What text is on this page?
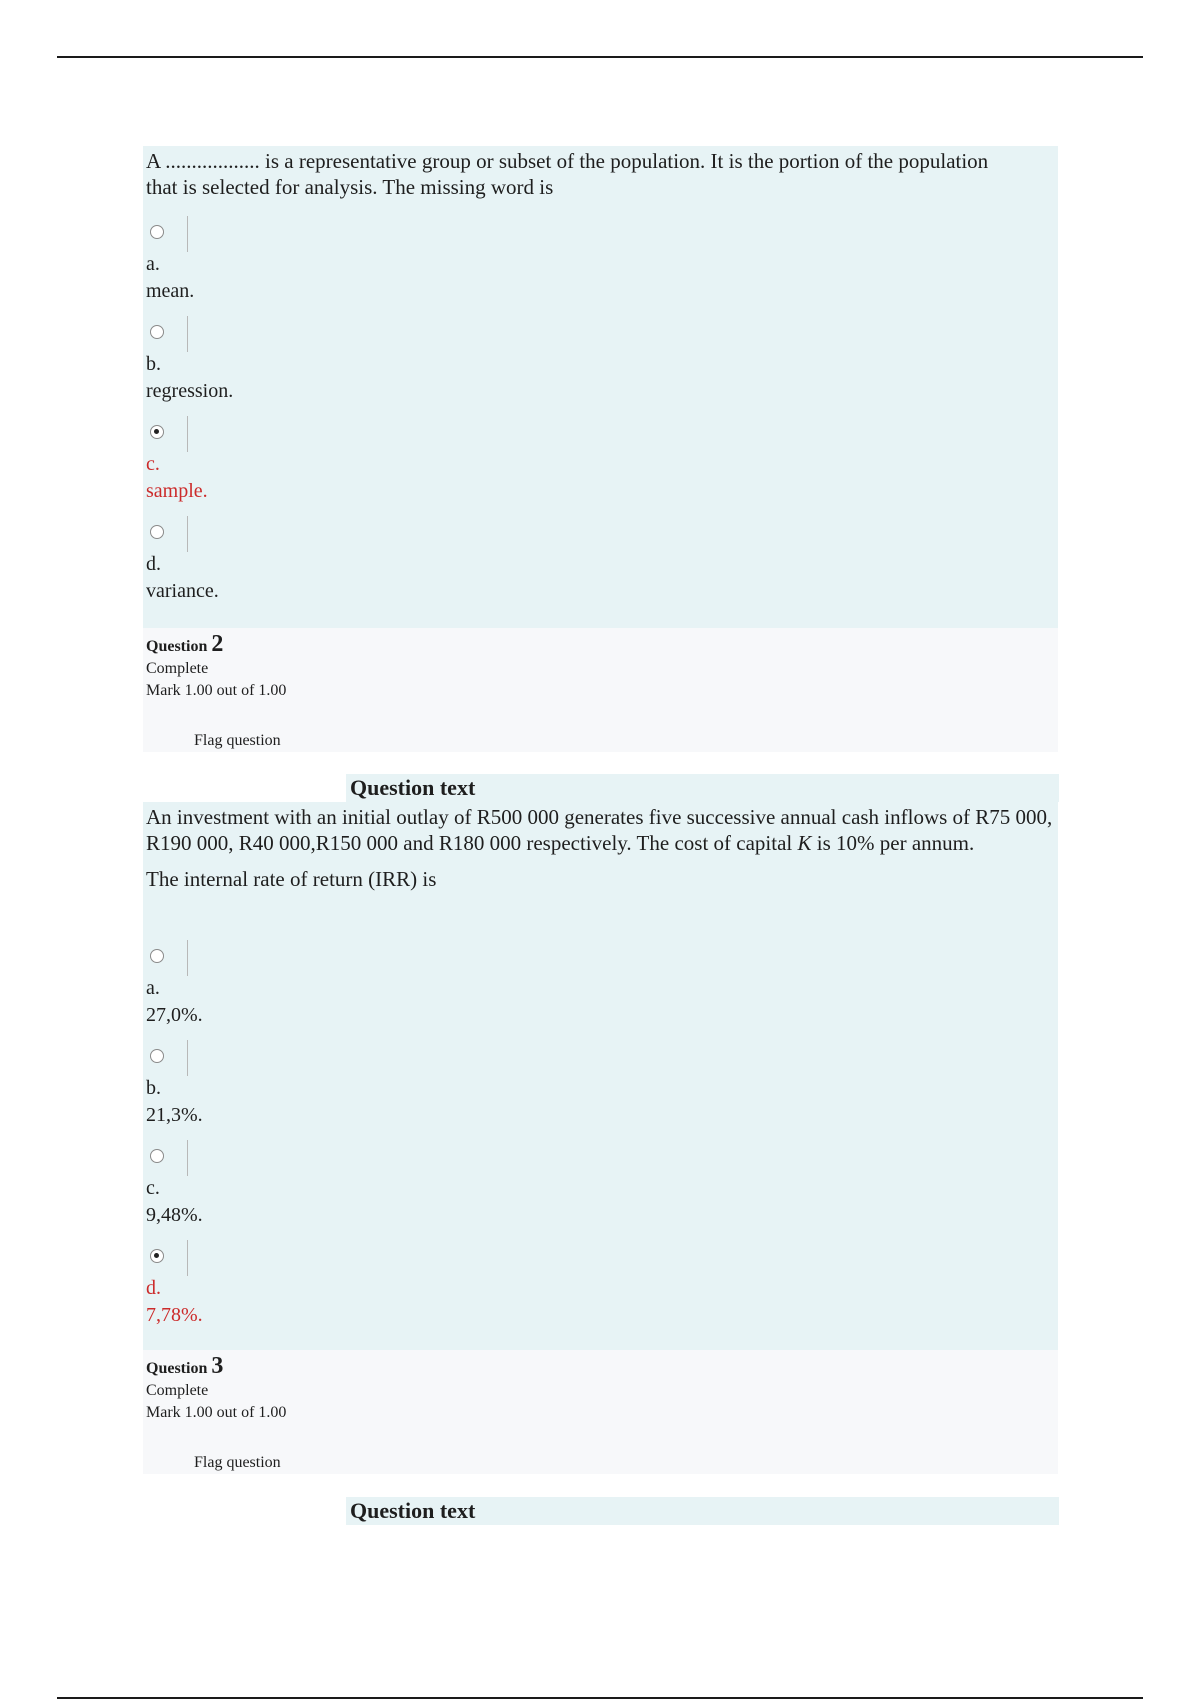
A .................. is a representative group or subset of the population. It is the portion of the population that is selected for analysis. The missing word is
a.
mean.
b.
regression.
c.
sample.
d.
variance.
Question 2
Complete
Mark 1.00 out of 1.00
Flag question
Question text

An investment with an initial outlay of R500 000 generates five successive annual cash inflows of R75 000, R190 000, R40 000,R150 000 and R180 000 respectively. The cost of capital K is 10% per annum.

The internal rate of return (IRR) is

a.
27,0%.
b.
21,3%.
c.
9,48%.
d.
7,78%.
Question 3
Complete
Mark 1.00 out of 1.00
Flag question
Question text
